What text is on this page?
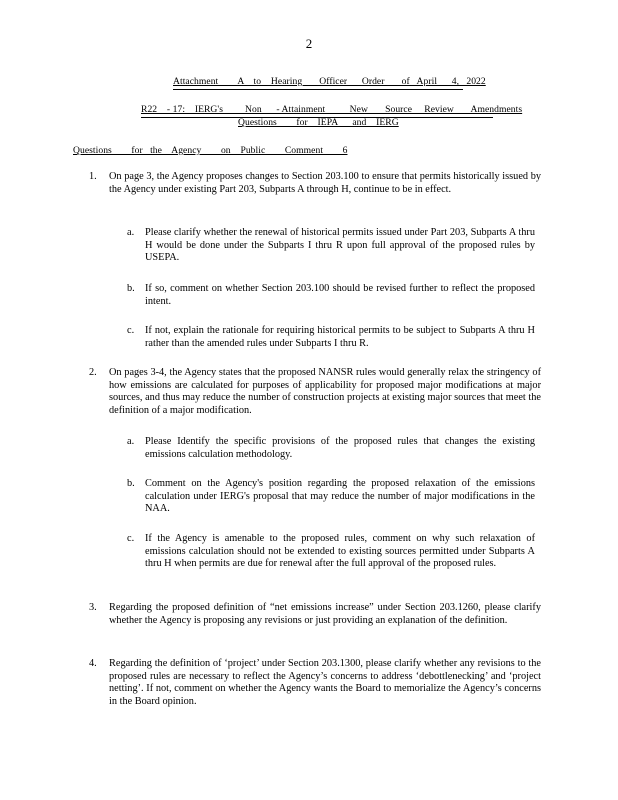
2
Attachment        A    to    Hearing       Officer      Order       of   April      4,   2022
R22    - 17:    IERG's         Non      - Attainment          New       Source     Review       Amendments
Questions        for    IEPA      and    IERG
Questions        for   the    Agency        on    Public        Comment        6
1. On page 3, the Agency proposes changes to Section 203.100 to ensure that permits historically issued by the Agency under existing Part 203, Subparts A through H, continue to be in effect.
a. Please clarify whether the renewal of historical permits issued under Part 203, Subparts A thru H would be done under the Subparts I thru R upon full approval of the proposed rules by USEPA.
b. If so, comment on whether Section 203.100 should be revised further to reflect the proposed intent.
c. If not, explain the rationale for requiring historical permits to be subject to Subparts A thru H rather than the amended rules under Subparts I thru R.
2. On pages 3-4, the Agency states that the proposed NANSR rules would generally relax the stringency of how emissions are calculated for purposes of applicability for proposed major modifications at major sources, and thus may reduce the number of construction projects at existing major sources that meet the definition of a major modification.
a. Please Identify the specific provisions of the proposed rules that changes the existing emissions calculation methodology.
b. Comment on the Agency's position regarding the proposed relaxation of the emissions calculation under IERG's proposal that may reduce the number of major modifications in the NAA.
c. If the Agency is amenable to the proposed rules, comment on why such relaxation of emissions calculation should not be extended to existing sources permitted under Subparts A thru H when permits are due for renewal after the full approval of the proposed rules.
3. Regarding the proposed definition of “net emissions increase” under Section 203.1260, please clarify whether the Agency is proposing any revisions or just providing an explanation of the definition.
4. Regarding the definition of ‘project’ under Section 203.1300, please clarify whether any revisions to the proposed rules are necessary to reflect the Agency’s concerns to address ‘debottlenecking’ and ‘project netting’. If not, comment on whether the Agency wants the Board to memorialize the Agency’s concerns in the Board opinion.
